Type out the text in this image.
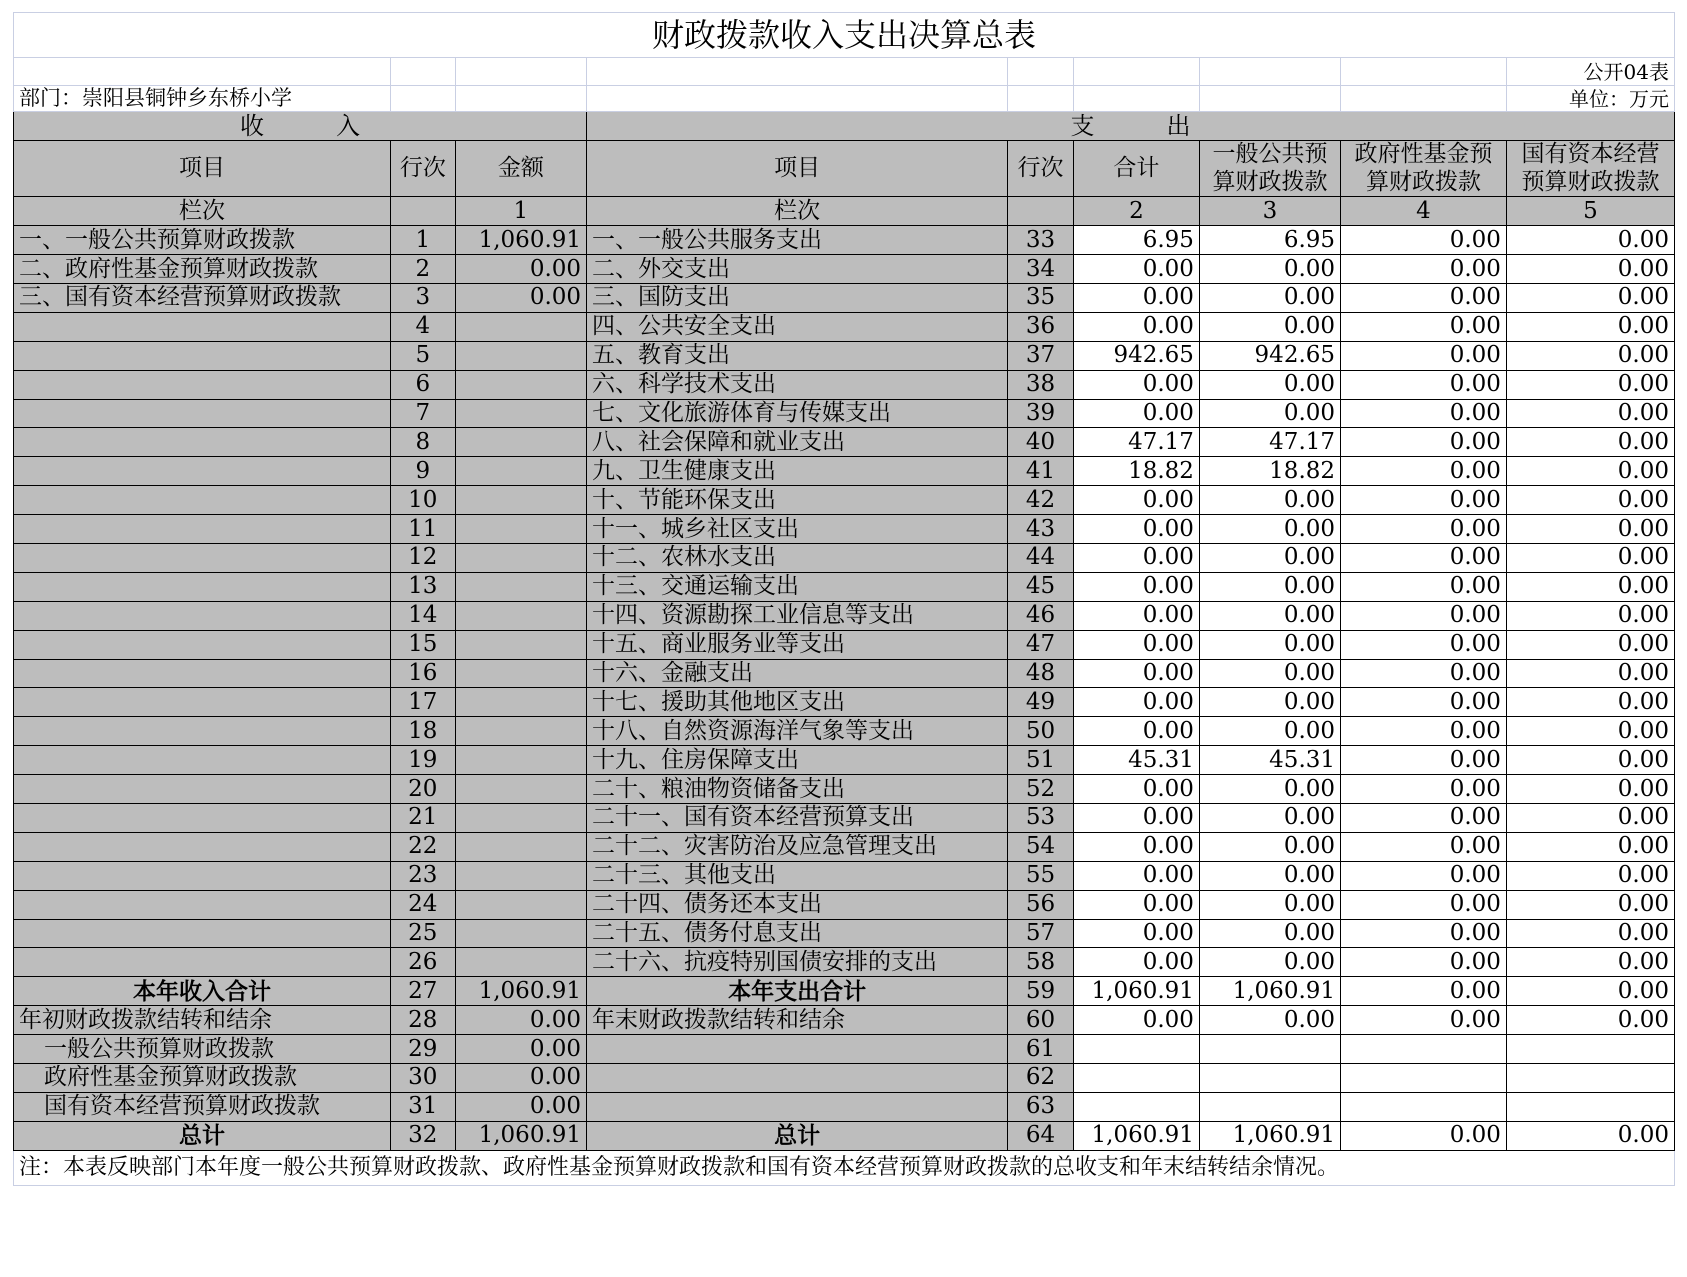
财政拨款收入支出决算总表								
								公开04表
部门：崇阳县铜钟乡东桥小学								单位：万元
收　　　入			支　　　出					
项目	行次	金额	项目	行次	合计	一般公共预算财政拨款	政府性基金预算财政拨款	国有资本经营预算财政拨款
栏次		1	栏次		2	3	4	5
一、一般公共预算财政拨款	1	1,060.91	一、一般公共服务支出	33	6.95	6.95	0.00	0.00
二、政府性基金预算财政拨款	2	0.00	二、外交支出	34	0.00	0.00	0.00	0.00
三、国有资本经营预算财政拨款	3	0.00	三、国防支出	35	0.00	0.00	0.00	0.00
	4		四、公共安全支出	36	0.00	0.00	0.00	0.00
	5		五、教育支出	37	942.65	942.65	0.00	0.00
	6		六、科学技术支出	38	0.00	0.00	0.00	0.00
	7		七、文化旅游体育与传媒支出	39	0.00	0.00	0.00	0.00
	8		八、社会保障和就业支出	40	47.17	47.17	0.00	0.00
	9		九、卫生健康支出	41	18.82	18.82	0.00	0.00
	10		十、节能环保支出	42	0.00	0.00	0.00	0.00
	11		十一、城乡社区支出	43	0.00	0.00	0.00	0.00
	12		十二、农林水支出	44	0.00	0.00	0.00	0.00
	13		十三、交通运输支出	45	0.00	0.00	0.00	0.00
	14		十四、资源勘探工业信息等支出	46	0.00	0.00	0.00	0.00
	15		十五、商业服务业等支出	47	0.00	0.00	0.00	0.00
	16		十六、金融支出	48	0.00	0.00	0.00	0.00
	17		十七、援助其他地区支出	49	0.00	0.00	0.00	0.00
	18		十八、自然资源海洋气象等支出	50	0.00	0.00	0.00	0.00
	19		十九、住房保障支出	51	45.31	45.31	0.00	0.00
	20		二十、粮油物资储备支出	52	0.00	0.00	0.00	0.00
	21		二十一、国有资本经营预算支出	53	0.00	0.00	0.00	0.00
	22		二十二、灾害防治及应急管理支出	54	0.00	0.00	0.00	0.00
	23		二十三、其他支出	55	0.00	0.00	0.00	0.00
	24		二十四、债务还本支出	56	0.00	0.00	0.00	0.00
	25		二十五、债务付息支出	57	0.00	0.00	0.00	0.00
	26		二十六、抗疫特别国债安排的支出	58	0.00	0.00	0.00	0.00
本年收入合计	27	1,060.91	本年支出合计	59	1,060.91	1,060.91	0.00	0.00
年初财政拨款结转和结余	28	0.00	年末财政拨款结转和结余	60	0.00	0.00	0.00	0.00
一般公共预算财政拨款	29	0.00		61				
政府性基金预算财政拨款	30	0.00		62				
国有资本经营预算财政拨款	31	0.00		63				
总计	32	1,060.91	总计	64	1,060.91	1,060.91	0.00	0.00
注：本表反映部门本年度一般公共预算财政拨款、政府性基金预算财政拨款和国有资本经营预算财政拨款的总收支和年末结转结余情况。								
